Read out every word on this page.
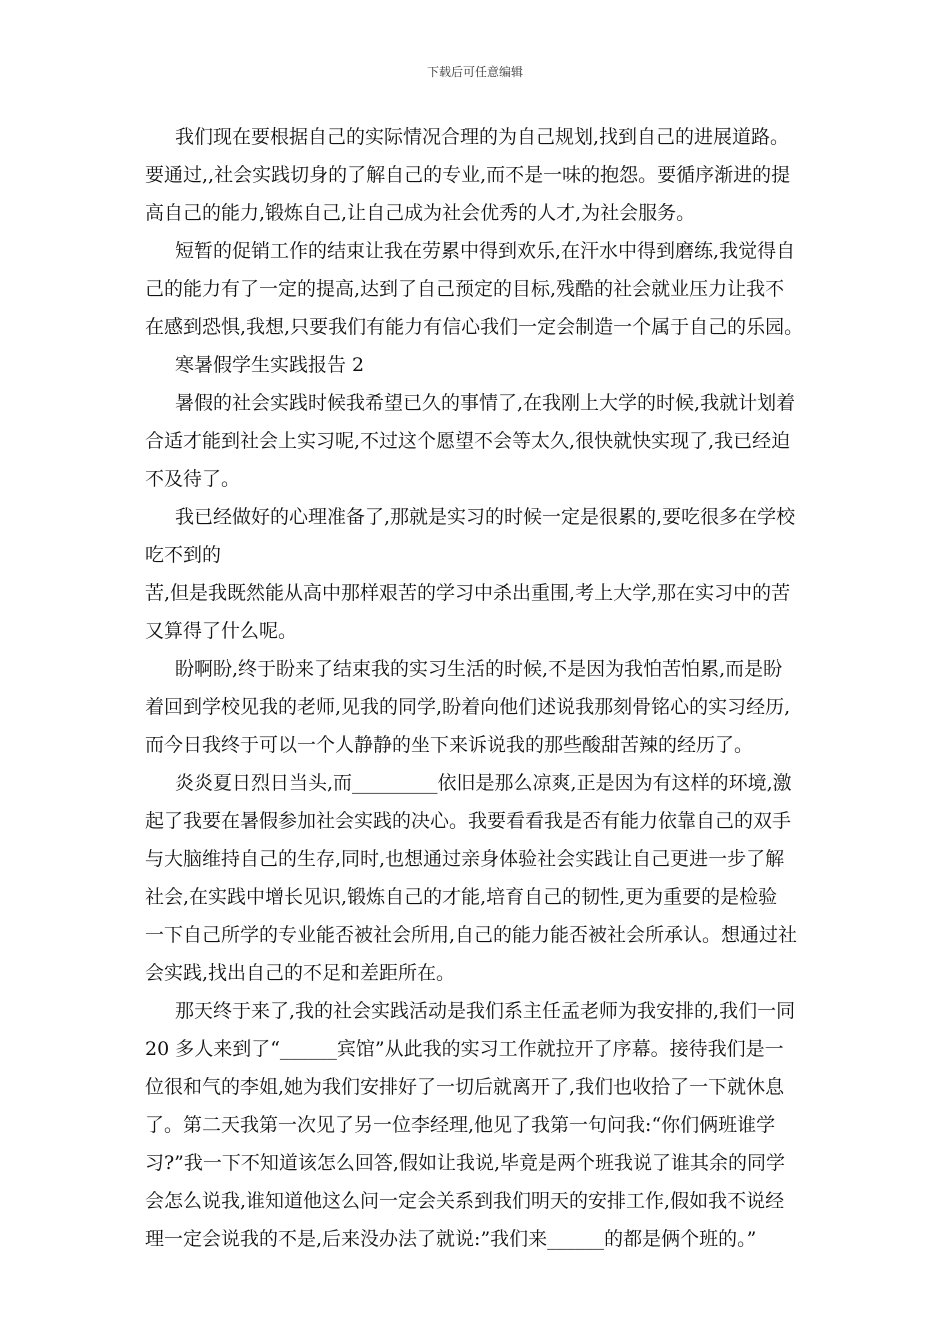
下载后可任意编辑
我们现在要根据自己的实际情况合理的为自己规划,找到自己的进展道路。
要通过,,社会实践切身的了解自己的专业,而不是一味的抱怨。要循序渐进的提
高自己的能力,锻炼自己,让自己成为社会优秀的人才,为社会服务。
短暂的促销工作的结束让我在劳累中得到欢乐,在汗水中得到磨练,我觉得自
己的能力有了一定的提高,达到了自己预定的目标,残酷的社会就业压力让我不
在感到恐惧,我想,只要我们有能力有信心我们一定会制造一个属于自己的乐园。
寒暑假学生实践报告 2
暑假的社会实践时候我希望已久的事情了,在我刚上大学的时候,我就计划着
合适才能到社会上实习呢,不过这个愿望不会等太久,很快就快实现了,我已经迫
不及待了。
我已经做好的心理准备了,那就是实习的时候一定是很累的,要吃很多在学校
吃不到的
苦,但是我既然能从高中那样艰苦的学习中杀出重围,考上大学,那在实习中的苦
又算得了什么呢。
盼啊盼,终于盼来了结束我的实习生活的时候,不是因为我怕苦怕累,而是盼
着回到学校见我的老师,见我的同学,盼着向他们述说我那刻骨铭心的实习经历,
而今日我终于可以一个人静静的坐下来诉说我的那些酸甜苦辣的经历了。
炎炎夏日烈日当头,而_________依旧是那么凉爽,正是因为有这样的环境,激
起了我要在暑假参加社会实践的决心。我要看看我是否有能力依靠自己的双手
与大脑维持自己的生存,同时,也想通过亲身体验社会实践让自己更进一步了解
社会,在实践中增长见识,锻炼自己的才能,培育自己的韧性,更为重要的是检验
一下自己所学的专业能否被社会所用,自己的能力能否被社会所承认。想通过社
会实践,找出自己的不足和差距所在。
那天终于来了,我的社会实践活动是我们系主任孟老师为我安排的,我们一同
20 多人来到了“______宾馆”从此我的实习工作就拉开了序幕。接待我们是一
位很和气的李姐,她为我们安排好了一切后就离开了,我们也收拾了一下就休息
了。第二天我第一次见了另一位李经理,他见了我第一句问我:“你们俩班谁学
习?”我一下不知道该怎么回答,假如让我说,毕竟是两个班我说了谁其余的同学
会怎么说我,谁知道他这么问一定会关系到我们明天的安排工作,假如我不说经
理一定会说我的不是,后来没办法了就说:”我们来______的都是俩个班的。”
